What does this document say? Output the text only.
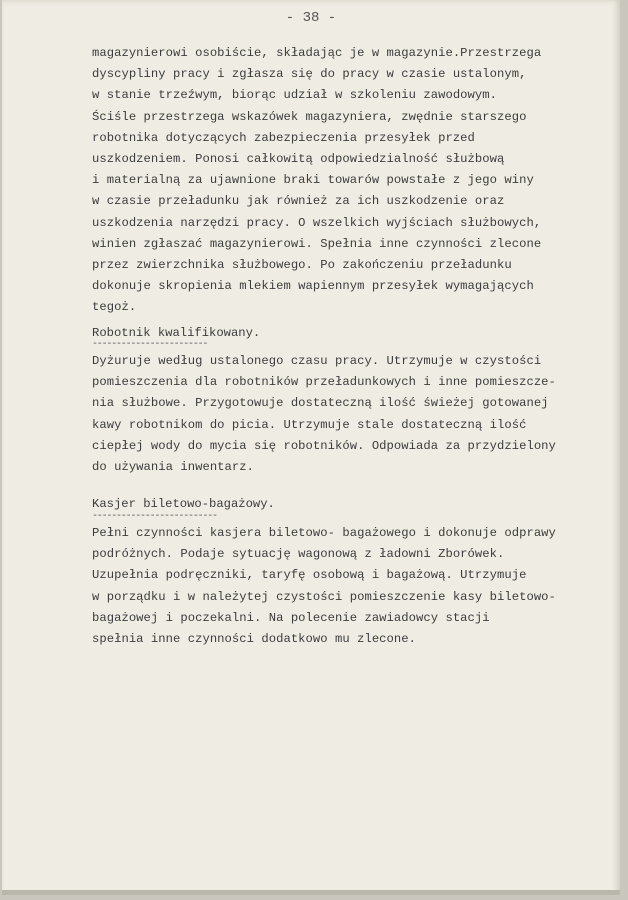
- 38 -
magazynierowi osobiście, składając je w magazynie.Przestrzega
dyscypliny pracy i zgłasza się do pracy w czasie ustalonym,
w stanie trzeźwym, biorąc udział w szkoleniu zawodowym.
Ściśle przestrzega wskazówek magazyniera, zwędnie starszego
robotnika dotyczących zabezpieczenia przesyłek przed
uszkodzeniem. Ponosi całkowitą odpowiedzialność służbową
i materialną za ujawnione braki towarów powstałe z jego winy
w czasie przeładunku jak również za ich uszkodzenie oraz
uszkodzenia narzędzi pracy. O wszelkich wyjściach służbowych,
winien zgłaszać magazynierowi. Spełnia inne czynności zlecone
przez zwierzchnika służbowego. Po zakończeniu przeładunku
dokonuje skropienia mlekiem wapiennym przesyłek wymagających
tegoż.
Robotnik kwalifikowany.
------------------------
Dyżuruje według ustalonego czasu pracy. Utrzymuje w czystości
pomieszczenia dla robotników przeładunkowych i inne pomieszcze-
nia służbowe. Przygotowuje dostateczną ilość świeżej gotowanej
kawy robotnikom do picia. Utrzymuje stale dostateczną ilość
ciepłej wody do mycia się robotników. Odpowiada za przydzielony
do używania inwentarz.
Kasjer biletowo-bagażowy.
--------------------------
Pełni czynności kasjera biletowo- bagażowego i dokonuje odprawy
podróżnych. Podaje sytuację wagonową z ładowni Zborówek.
Uzupełnia podręczniki, taryfę osobową i bagażową. Utrzymuje
w porządku i w należytej czystości pomieszczenie kasy biletowo-
bagażowej i poczekalni. Na polecenie zawiadowcy stacji
spełnia inne czynności dodatkowo mu zlecone.
